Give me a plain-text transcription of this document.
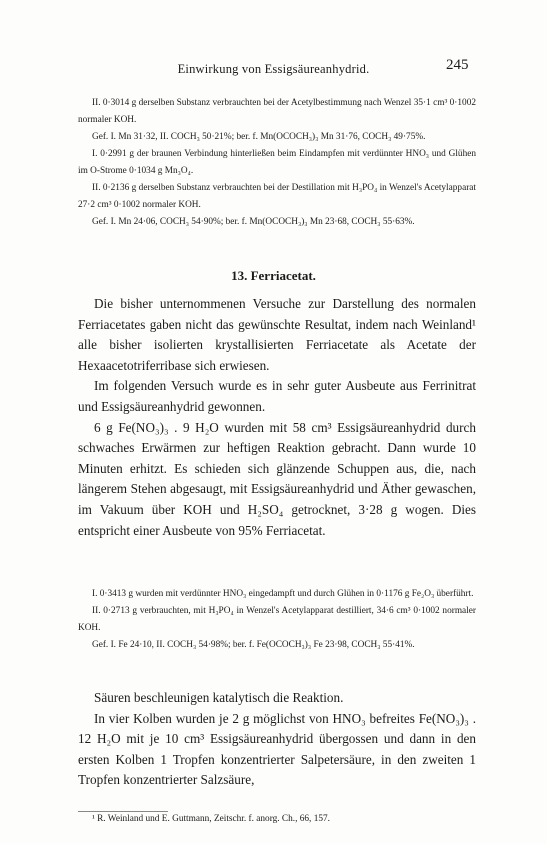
Einwirkung von Essigsäureanhydrid.	245

II. 0·3014 g derselben Substanz verbrauchten bei der Acetylbestimmung nach Wenzel 35·1 cm³ 0·1002 normaler KOH.

Gef. I. Mn 31·32, II. COCH₃ 50·21%; ber. f. Mn(OCOCH₃)₃ Mn 31·76, COCH₃ 49·75%.

I. 0·2991 g der braunen Verbindung hinterließen beim Eindampfen mit verdünnter HNO₃ und Glühen im O-Strome 0·1034 g Mn₃O₄.

II. 0·2136 g derselben Substanz verbrauchten bei der Destillation mit H₃PO₄ in Wenzel's Acetylapparat 27·2 cm³ 0·1002 normaler KOH.

Gef. I. Mn 24·06, COCH₃ 54·90%; ber. f. Mn(OCOCH₃)₃ Mn 23·68, COCH₃ 55·63%.

13. Ferriacetat.

Die bisher unternommenen Versuche zur Darstellung des normalen Ferriacetates gaben nicht das gewünschte Resultat, indem nach Weinland¹ alle bisher isolierten krystallisierten Ferriacetate als Acetate der Hexaacetotriferribase sich erwiesen.

Im folgenden Versuch wurde es in sehr guter Ausbeute aus Ferrinitrat und Essigsäureanhydrid gewonnen.

6 g Fe(NO₃)₃ . 9 H₂O wurden mit 58 cm³ Essigsäureanhydrid durch schwaches Erwärmen zur heftigen Reaktion gebracht. Dann wurde 10 Minuten erhitzt. Es schieden sich glänzende Schuppen aus, die, nach längerem Stehen abgesaugt, mit Essigsäureanhydrid und Äther gewaschen, im Vakuum über KOH und H₂SO₄ getrocknet, 3·28 g wogen. Dies entspricht einer Ausbeute von 95% Ferriacetat.

I. 0·3413 g wurden mit verdünnter HNO₃ eingedampft und durch Glühen in 0·1176 g Fe₂O₃ überführt.

II. 0·2713 g verbrauchten, mit H₃PO₄ in Wenzel's Acetylapparat destilliert, 34·6 cm³ 0·1002 normaler KOH.

Gef. I. Fe 24·10, II. COCH₃ 54·98%; ber. f. Fe(OCOCH₃)₃ Fe 23·98, COCH₃ 55·41%.

Säuren beschleunigen katalytisch die Reaktion.

In vier Kolben wurden je 2 g möglichst von HNO₃ befreites Fe(NO₃)₃ . 12 H₂O mit je 10 cm³ Essigsäureanhydrid übergossen und dann in den ersten Kolben 1 Tropfen konzentrierter Salpetersäure, in den zweiten 1 Tropfen konzentrierter Salzsäure,

¹ R. Weinland und E. Guttmann, Zeitschr. f. anorg. Ch., 66, 157.
